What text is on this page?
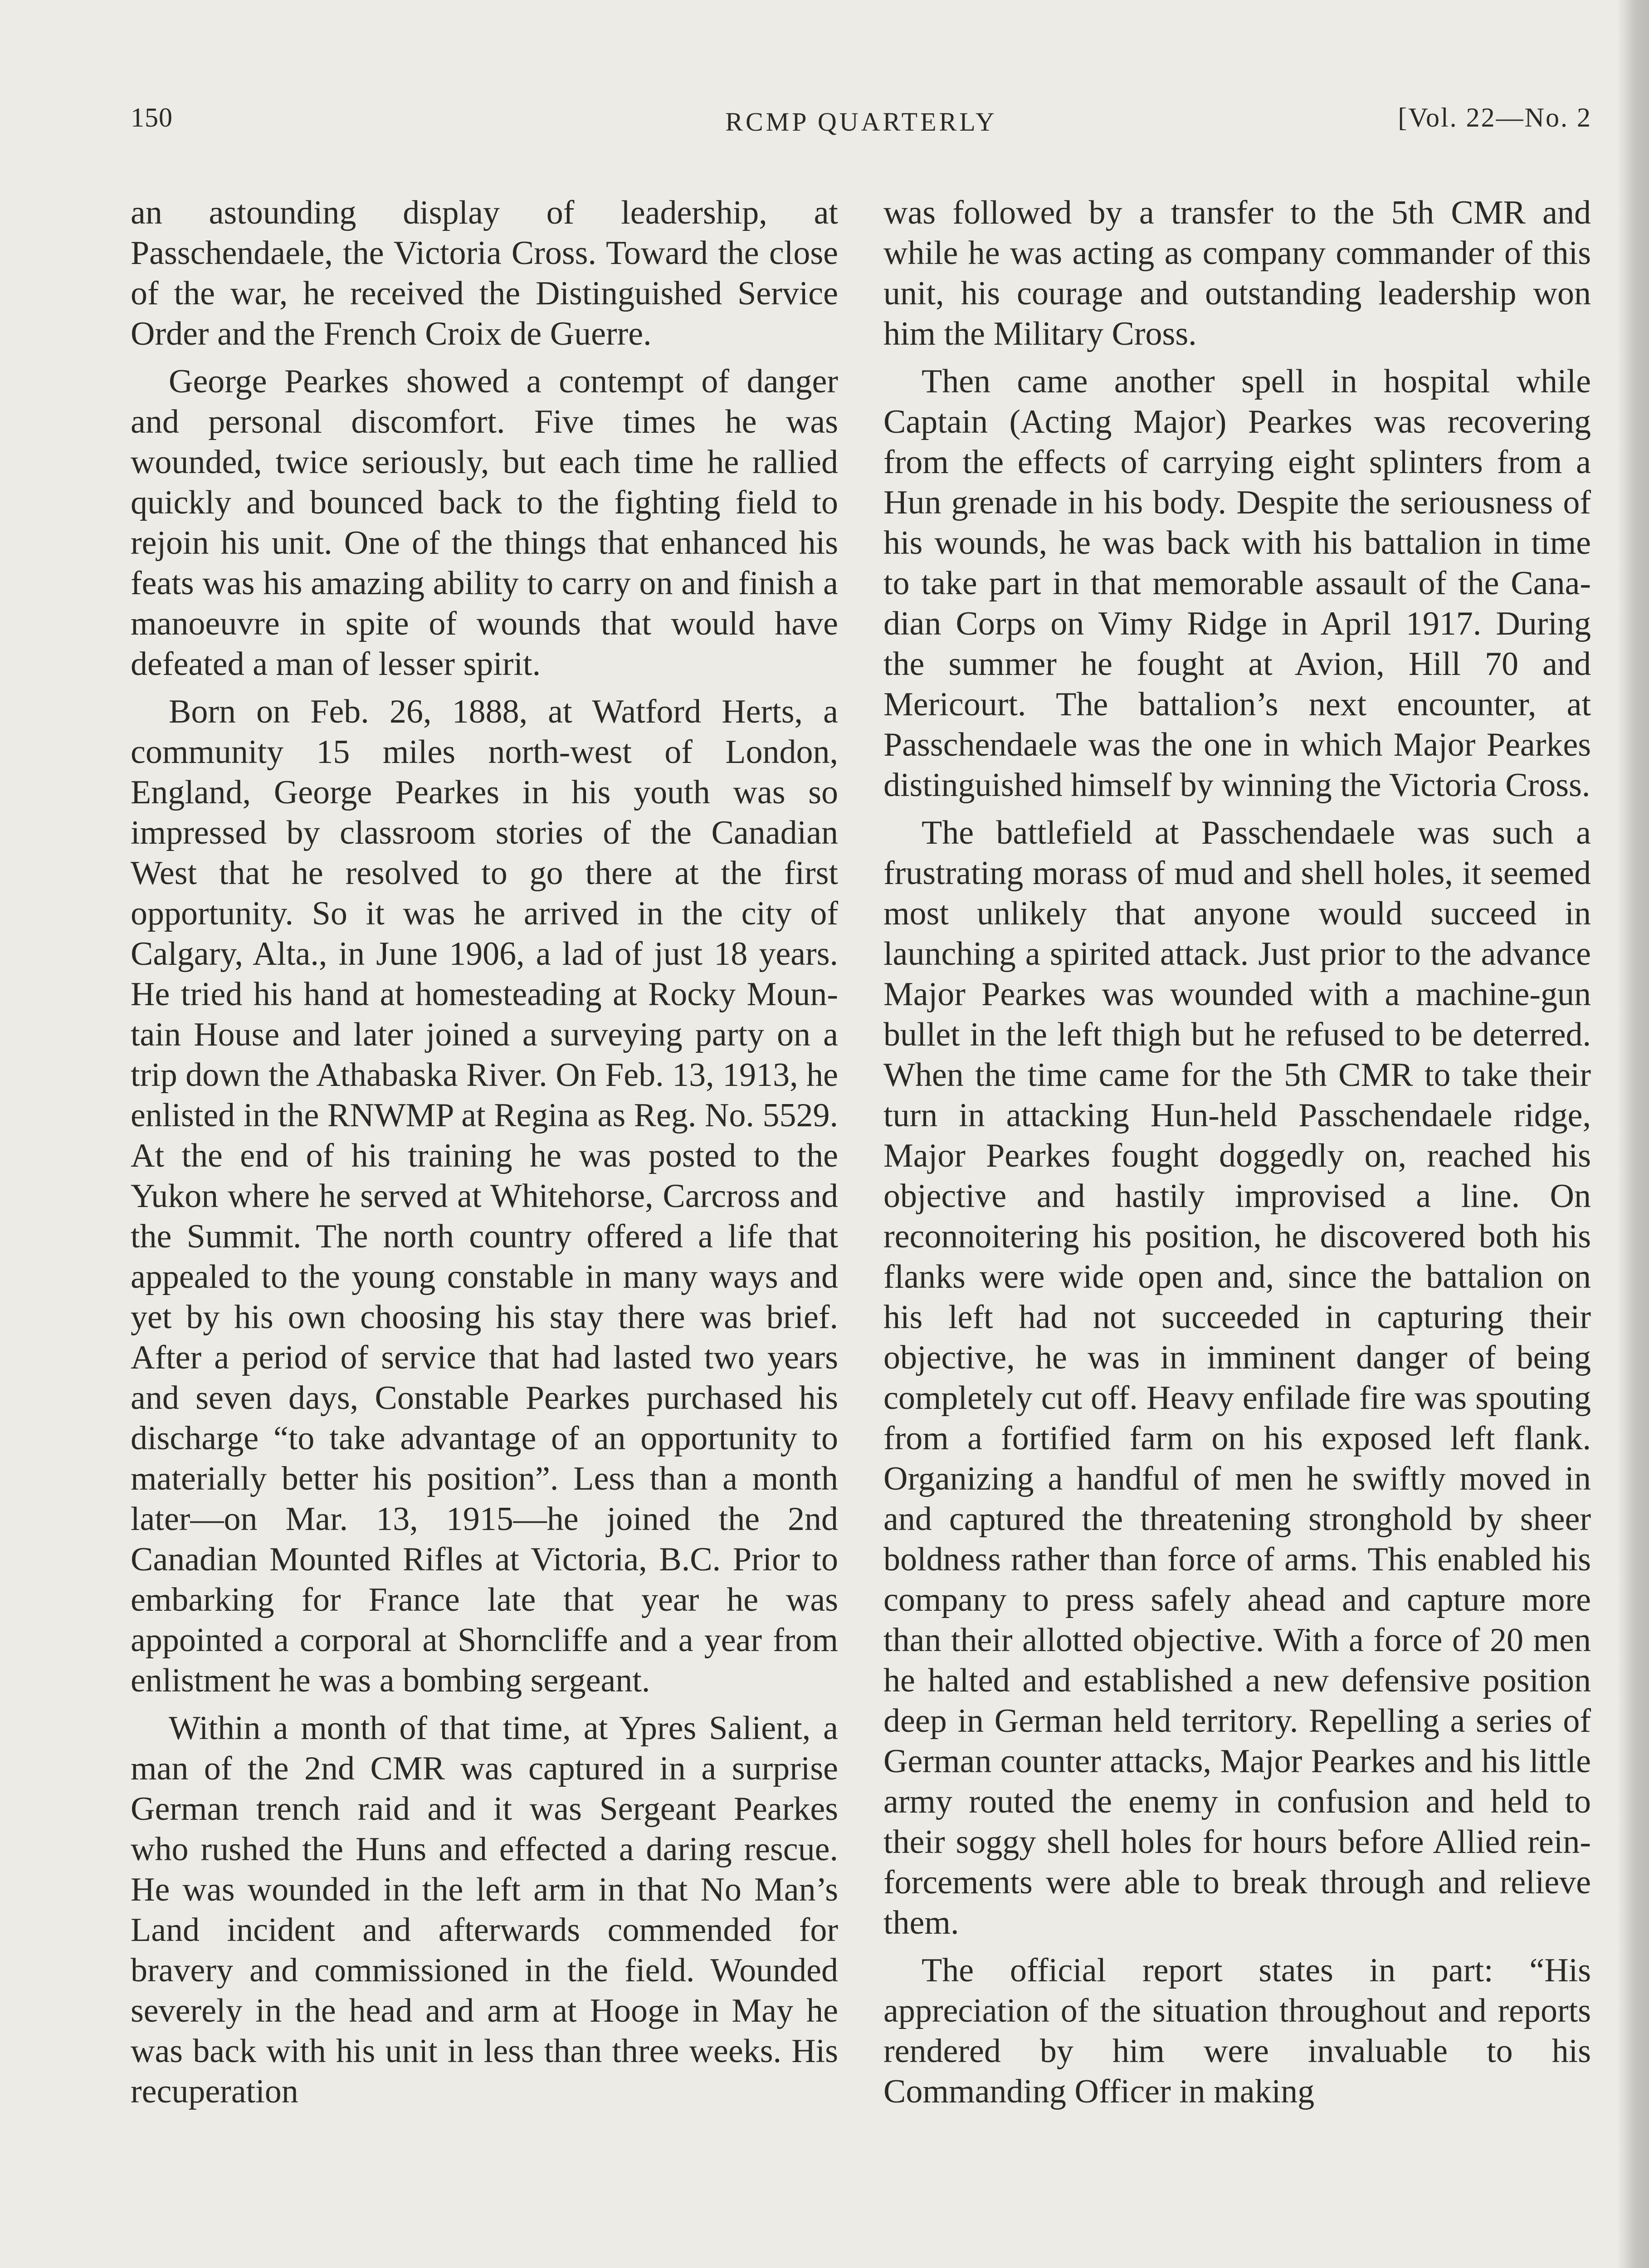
150	RCMP QUARTERLY	[Vol. 22—No. 2

an astounding display of leadership, at Passchendaele, the Victoria Cross. Toward the close of the war, he received the Distinguished Service Order and the French Croix de Guerre.

George Pearkes showed a contempt of danger and personal discomfort. Five times he was wounded, twice seriously, but each time he rallied quickly and bounced back to the fighting field to rejoin his unit. One of the things that enhanced his feats was his amazing ability to carry on and finish a manoeuvre in spite of wounds that would have defeated a man of lesser spirit.

Born on Feb. 26, 1888, at Watford Herts, a community 15 miles north-west of London, England, George Pearkes in his youth was so impressed by classroom stories of the Canadian West that he resolved to go there at the first opportunity. So it was he arrived in the city of Calgary, Alta., in June 1906, a lad of just 18 years. He tried his hand at homesteading at Rocky Mountain House and later joined a surveying party on a trip down the Athabaska River. On Feb. 13, 1913, he enlisted in the RNWMP at Regina as Reg. No. 5529. At the end of his training he was posted to the Yukon where he served at Whitehorse, Carcross and the Summit. The north country offered a life that appealed to the young constable in many ways and yet by his own choosing his stay there was brief. After a period of service that had lasted two years and seven days, Constable Pearkes purchased his discharge “to take advantage of an opportunity to materially better his position”. Less than a month later—on Mar. 13, 1915—he joined the 2nd Canadian Mounted Rifles at Victoria, B.C. Prior to embarking for France late that year he was appointed a corporal at Shorncliffe and a year from enlistment he was a bombing sergeant.

Within a month of that time, at Ypres Salient, a man of the 2nd CMR was captured in a surprise German trench raid and it was Sergeant Pearkes who rushed the Huns and effected a daring rescue. He was wounded in the left arm in that No Man’s Land incident and afterwards commended for bravery and commissioned in the field. Wounded severely in the head and arm at Hooge in May he was back with his unit in less than three weeks. His recuperation

was followed by a transfer to the 5th CMR and while he was acting as company commander of this unit, his courage and outstanding leadership won him the Military Cross.

Then came another spell in hospital while Captain (Acting Major) Pearkes was recovering from the effects of carrying eight splinters from a Hun grenade in his body. Despite the seriousness of his wounds, he was back with his battalion in time to take part in that memorable assault of the Canadian Corps on Vimy Ridge in April 1917. During the summer he fought at Avion, Hill 70 and Mericourt. The battalion’s next encounter, at Passchendaele was the one in which Major Pearkes distinguished himself by winning the Victoria Cross.

The battlefield at Passchendaele was such a frustrating morass of mud and shell holes, it seemed most unlikely that anyone would succeed in launching a spirited attack. Just prior to the advance Major Pearkes was wounded with a machine-gun bullet in the left thigh but he refused to be deterred. When the time came for the 5th CMR to take their turn in attacking Hun-held Passchendaele ridge, Major Pearkes fought doggedly on, reached his objective and hastily improvised a line. On reconnoitering his position, he discovered both his flanks were wide open and, since the battalion on his left had not succeeded in capturing their objective, he was in imminent danger of being completely cut off. Heavy enfilade fire was spouting from a fortified farm on his exposed left flank. Organizing a handful of men he swiftly moved in and captured the threatening stronghold by sheer boldness rather than force of arms. This enabled his company to press safely ahead and capture more than their allotted objective. With a force of 20 men he halted and established a new defensive position deep in German held territory. Repelling a series of German counter attacks, Major Pearkes and his little army routed the enemy in confusion and held to their soggy shell holes for hours before Allied reinforcements were able to break through and relieve them.

The official report states in part: “His appreciation of the situation throughout and reports rendered by him were invaluable to his Commanding Officer in making
